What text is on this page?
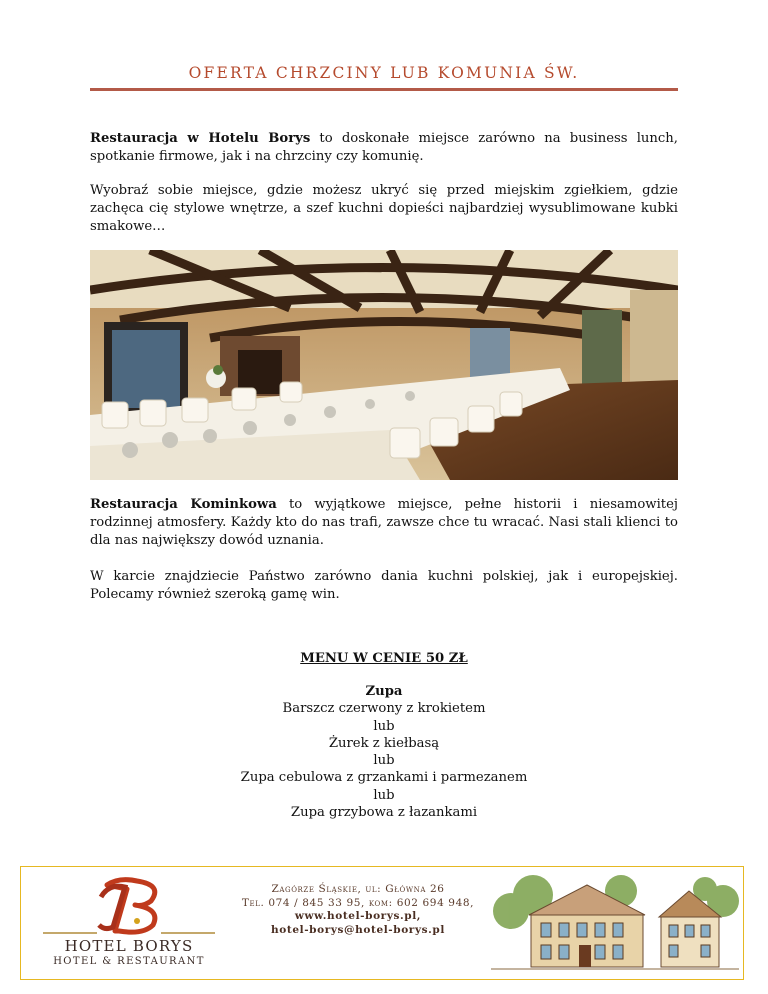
OFERTA CHRZCINY LUB KOMUNIA ŚW.
Restauracja w Hotelu Borys to doskonałe miejsce zarówno na business lunch, spotkanie firmowe, jak i na chrzciny czy komunię.
Wyobraź sobie miejsce, gdzie możesz ukryć się przed miejskim zgiełkiem, gdzie zachęca cię stylowe wnętrze, a szef kuchni dopieści najbardziej wysublimowane kubki smakowe…
Restauracja Kominkowa to wyjątkowe miejsce, pełne historii i niesamowitej rodzinnej atmosfery. Każdy kto do nas trafi, zawsze chce tu wracać. Nasi stali klienci to dla nas największy dowód uznania.
W karcie znajdziecie Państwo zarówno dania kuchni polskiej, jak i europejskiej. Polecamy również szeroką gamę win.
MENU W CENIE 50 ZŁ
Zupa
Barszcz czerwony z krokietem
lub
Żurek z kiełbasą
lub
Zupa cebulowa z grzankami i parmezanem
lub
Zupa grzybowa z łazankami
HOTEL BORYS
HOTEL & RESTAURANT
Zagórze Śląskie, ul: Główna 26
Tel. 074 / 845 33 95, kom: 602 694 948,
www.hotel-borys.pl,
hotel-borys@hotel-borys.pl
